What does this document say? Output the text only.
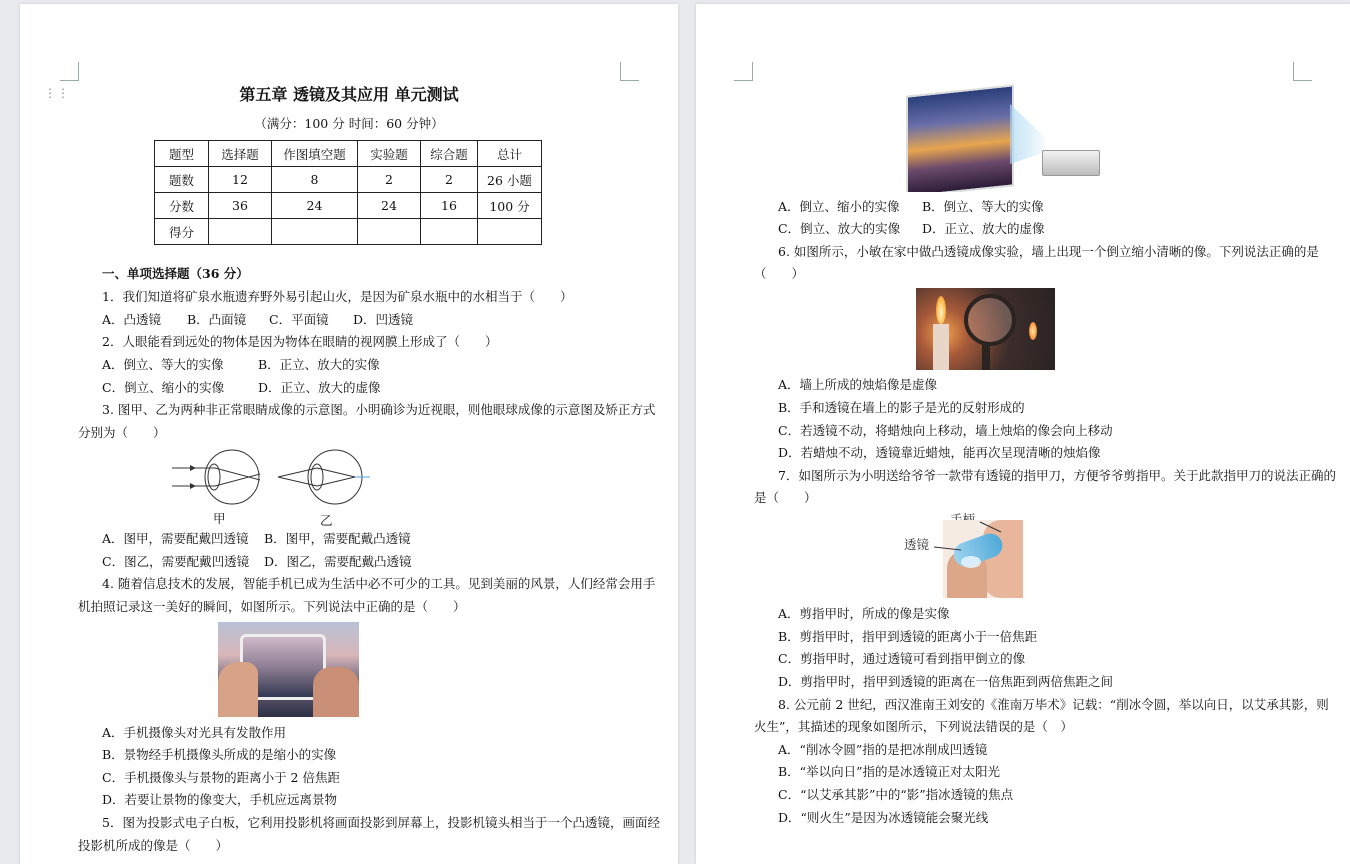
⋮⋮	第五章 透镜及其应用 单元测试
（满分：100 分 时间：60 分钟）
题型	选择题	作图填空题	实验题	综合题	总计
题数	12	8	2	2	26 小题
分数	36	24	24	16	100 分
得分					
一、单项选择题（36 分）
1．我们知道将矿泉水瓶遗弃野外易引起山火，是因为矿泉水瓶中的水相当于（　　）
A．凸透镜 B．凸面镜 C．平面镜 D．凹透镜
2．人眼能看到远处的物体是因为物体在眼睛的视网膜上形成了（　　）
A．倒立、等大的实像	B．正立、放大的实像
C．倒立、缩小的实像	D．正立、放大的虚像
3. 图甲、乙为两种非正常眼睛成像的示意图。小明确诊为近视眼，则他眼球成像的示意图及矫正方式
分别为（　　）
甲	乙
A．图甲，需要配戴凹透镜 B．图甲，需要配戴凸透镜
C．图乙，需要配戴凹透镜 D．图乙，需要配戴凸透镜
4. 随着信息技术的发展，智能手机已成为生活中必不可少的工具。见到美丽的风景，人们经常会用手
机拍照记录这一美好的瞬间，如图所示。下列说法中正确的是（　　）
A．手机摄像头对光具有发散作用
B．景物经手机摄像头所成的是缩小的实像
C．手机摄像头与景物的距离小于 2 倍焦距
D．若要让景物的像变大，手机应远离景物
5．图为投影式电子白板，它利用投影机将画面投影到屏幕上，投影机镜头相当于一个凸透镜，画面经
投影机所成的像是（　　）
A．倒立、缩小的实像 B．倒立、等大的实像
C．倒立、放大的实像 D．正立、放大的虚像
6. 如图所示，小敏在家中做凸透镜成像实验，墙上出现一个倒立缩小清晰的像。下列说法正确的是
（　　）
A．墙上所成的烛焰像是虚像
B．手和透镜在墙上的影子是光的反射形成的
C．若透镜不动，将蜡烛向上移动，墙上烛焰的像会向上移动
D．若蜡烛不动，透镜靠近蜡烛，能再次呈现清晰的烛焰像
7．如图所示为小明送给爷爷一款带有透镜的指甲刀，方便爷爷剪指甲。关于此款指甲刀的说法正确的
是（　　）
透镜
A．剪指甲时，所成的像是实像
B．剪指甲时，指甲到透镜的距离小于一倍焦距
C．剪指甲时，通过透镜可看到指甲倒立的像
D．剪指甲时，指甲到透镜的距离在一倍焦距到两倍焦距之间
8. 公元前 2 世纪，西汉淮南王刘安的《淮南万毕术》记载：“削冰令圆，举以向日，以艾承其影，则
火生”，其描述的现象如图所示，下列说法错误的是（　）
A．“削冰令圆”指的是把冰削成凹透镜
B．“举以向日”指的是冰透镜正对太阳光
C．“以艾承其影”中的“影”指冰透镜的焦点
D．“则火生”是因为冰透镜能会聚光线
